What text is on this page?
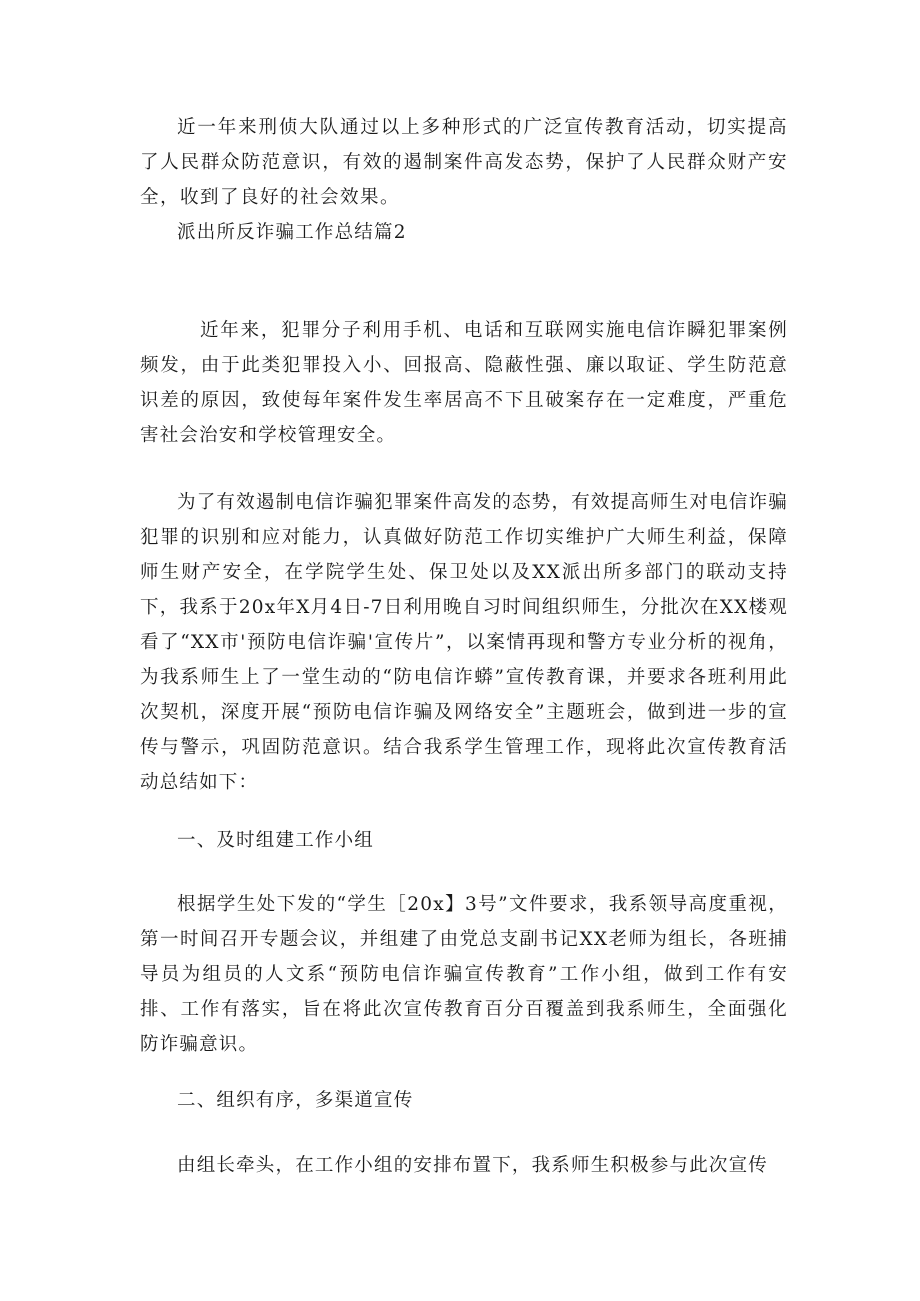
近一年来刑侦大队通过以上多种形式的广泛宣传教育活动，切实提高了人民群众防范意识，有效的遏制案件高发态势，保护了人民群众财产安全，收到了良好的社会效果。

派出所反诈骗工作总结篇2

近年来，犯罪分子利用手机、电话和互联网实施电信诈瞬犯罪案例频发，由于此类犯罪投入小、回报高、隐蔽性强、廉以取证、学生防范意识差的原因，致使每年案件发生率居高不下且破案存在一定难度，严重危害社会治安和学校管理安全。

为了有效遏制电信诈骗犯罪案件高发的态势，有效提高师生对电信诈骗犯罪的识别和应对能力，认真做好防范工作切实维护广大师生利益，保障师生财产安全，在学院学生处、保卫处以及XX派出所多部门的联动支持下，我系于20x年X月4日-7日利用晚自习时间组织师生，分批次在XX楼观看了“XX市'预防电信诈骗'宣传片”，以案情再现和警方专业分析的视角，为我系师生上了一堂生动的“防电信诈蟒”宣传教育课，并要求各班利用此次契机，深度开展“预防电信诈骗及网络安全”主题班会，做到进一步的宣传与警示，巩固防范意识。结合我系学生管理工作，现将此次宣传教育活动总结如下：

一、及时组建工作小组

根据学生处下发的“学生［20x】3号”文件要求，我系领导高度重视，第一时间召开专题会议，并组建了由党总支副书记XX老师为组长，各班捕导员为组员的人文系“预防电信诈骗宣传教育”工作小组，做到工作有安排、工作有落实，旨在将此次宣传教育百分百覆盖到我系师生，全面强化防诈骗意识。

二、组织有序，多渠道宣传

由组长牵头，在工作小组的安排布置下，我系师生积极参与此次宣传
